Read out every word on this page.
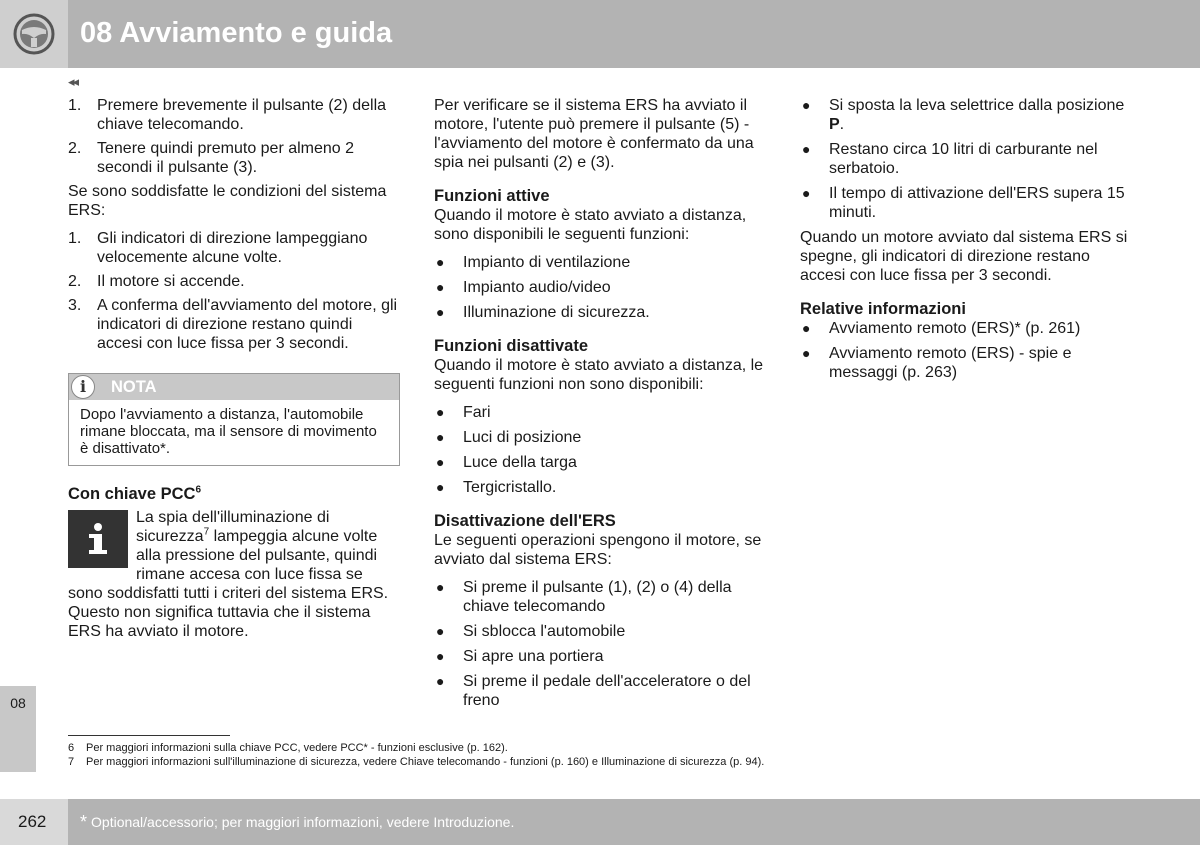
08 Avviamento e guida
◂◂
08
1. Premere brevemente il pulsante (2) della chiave telecomando.
2. Tenere quindi premuto per almeno 2 secondi il pulsante (3).

Se sono soddisfatte le condizioni del sistema ERS:

1. Gli indicatori di direzione lampeggiano velocemente alcune volte.
2. Il motore si accende.
3. A conferma dell'avviamento del motore, gli indicatori di direzione restano quindi accesi con luce fissa per 3 secondi.
i	NOTA
Dopo l'avviamento a distanza, l'automobile rimane bloccata, ma il sensore di movimento è disattivato*.
Con chiave PCC$^6$
La spia dell'illuminazione di sicurezza$^7$ lampeggia alcune volte alla pressione del pulsante, quindi rimane accesa con luce fissa se sono soddisfatti tutti i criteri del sistema ERS. Questo non significa tuttavia che il sistema ERS ha avviato il motore.

Per verificare se il sistema ERS ha avviato il motore, l'utente può premere il pulsante (5) - l'avviamento del motore è confermato da una spia nei pulsanti (2) e (3).

Funzioni attive

Quando il motore è stato avviato a distanza, sono disponibili le seguenti funzioni:

● Impianto di ventilazione
● Impianto audio/video
● Illuminazione di sicurezza.
Funzioni disattivate

Quando il motore è stato avviato a distanza, le seguenti funzioni non sono disponibili:

● Fari
● Luci di posizione
● Luce della targa
● Tergicristallo.
Disattivazione dell'ERS

Le seguenti operazioni spengono il motore, se avviato dal sistema ERS:

● Si preme il pulsante (1), (2) o (4) della chiave telecomando
● Si sblocca l'automobile
● Si apre una portiera
● Si preme il pedale dell'acceleratore o del freno
● Si sposta la leva selettrice dalla posizione P.
● Restano circa 10 litri di carburante nel serbatoio.
● Il tempo di attivazione dell'ERS supera 15 minuti.

Quando un motore avviato dal sistema ERS si spegne, gli indicatori di direzione restano accesi con luce fissa per 3 secondi.

Relative informazioni
● Avviamento remoto (ERS)* (p. 261)
● Avviamento remoto (ERS) - spie e messaggi (p. 263)
6 Per maggiori informazioni sulla chiave PCC, vedere PCC* - funzioni esclusive (p. 162).
7 Per maggiori informazioni sull'illuminazione di sicurezza, vedere Chiave telecomando - funzioni (p. 160) e Illuminazione di sicurezza (p. 94).
262 * Optional/accessorio; per maggiori informazioni, vedere Introduzione.
